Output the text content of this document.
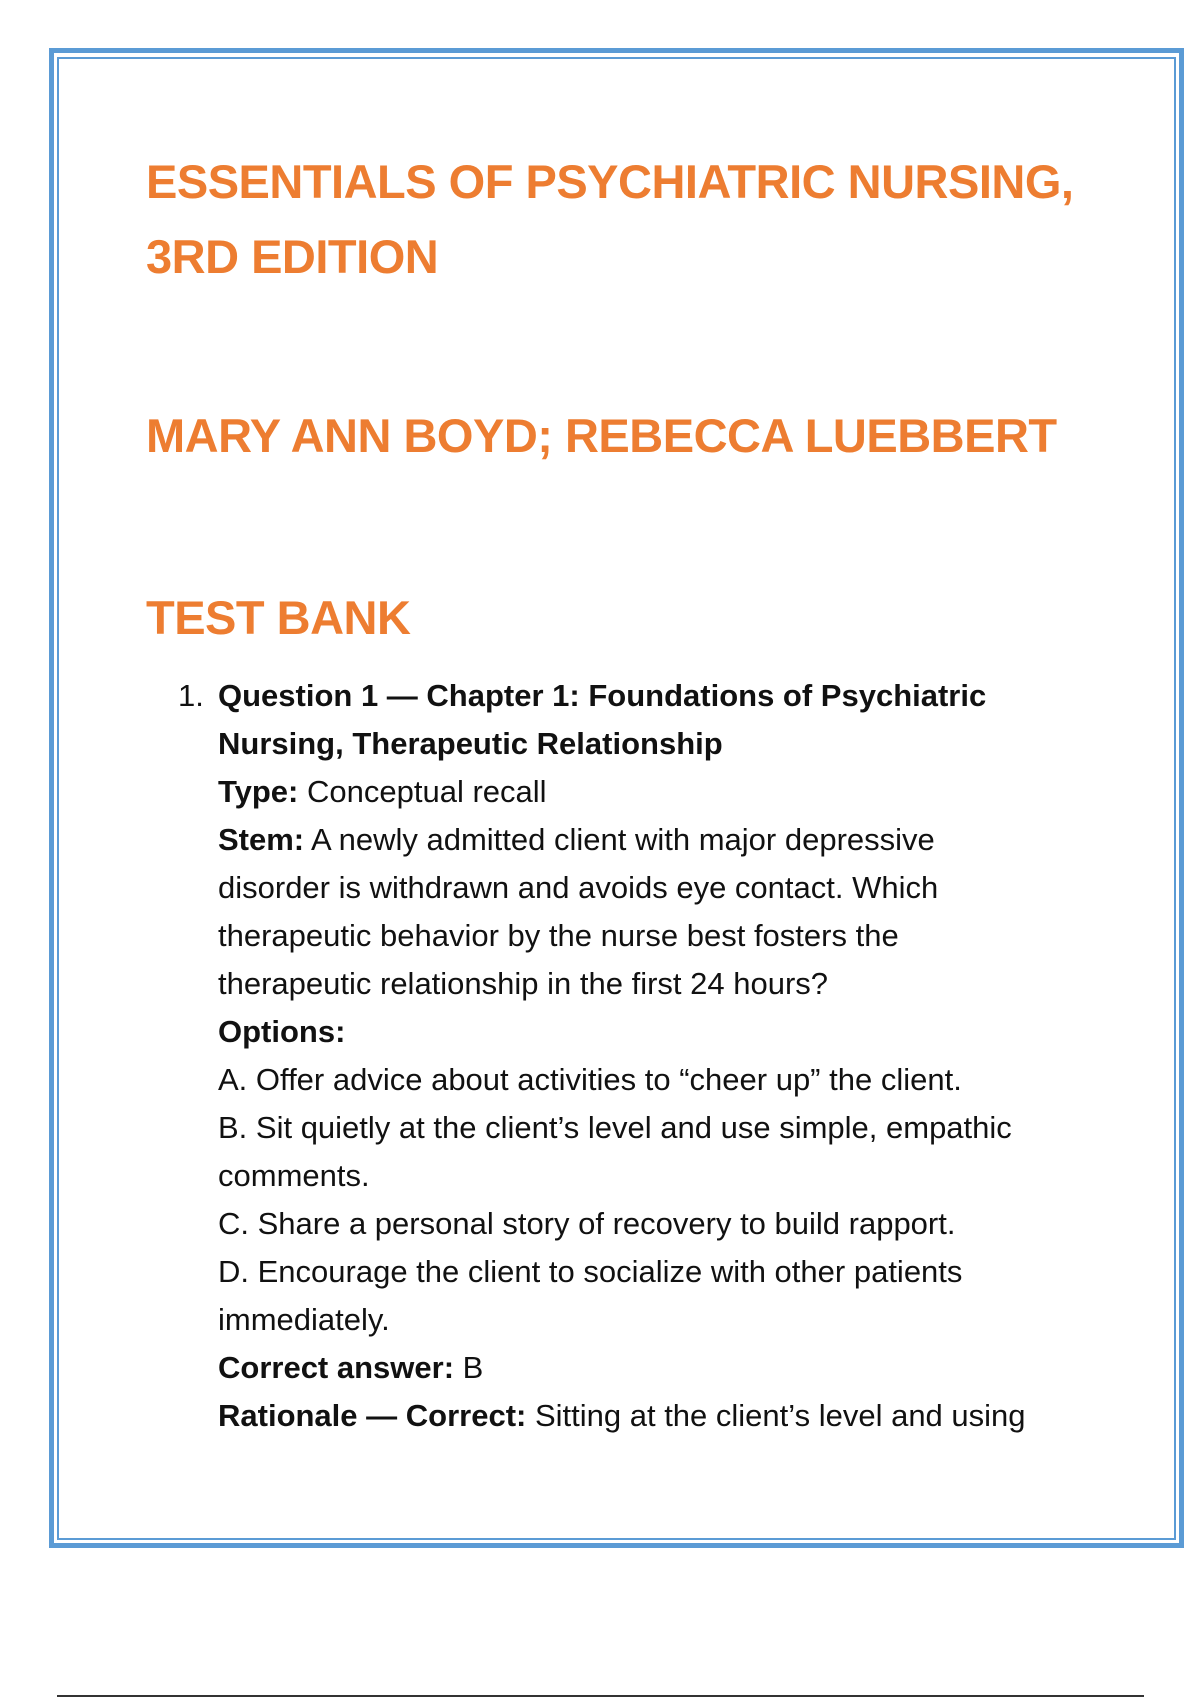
ESSENTIALS OF PSYCHIATRIC NURSING,
3RD EDITION
MARY ANN BOYD; REBECCA LUEBBERT
TEST BANK
1. Question 1 — Chapter 1: Foundations of Psychiatric
Nursing, Therapeutic Relationship
Type: Conceptual recall
Stem: A newly admitted client with major depressive
disorder is withdrawn and avoids eye contact. Which
therapeutic behavior by the nurse best fosters the
therapeutic relationship in the first 24 hours?
Options:
A. Offer advice about activities to “cheer up” the client.
B. Sit quietly at the client’s level and use simple, empathic
comments.
C. Share a personal story of recovery to build rapport.
D. Encourage the client to socialize with other patients
immediately.
Correct answer: B
Rationale — Correct: Sitting at the client’s level and using
